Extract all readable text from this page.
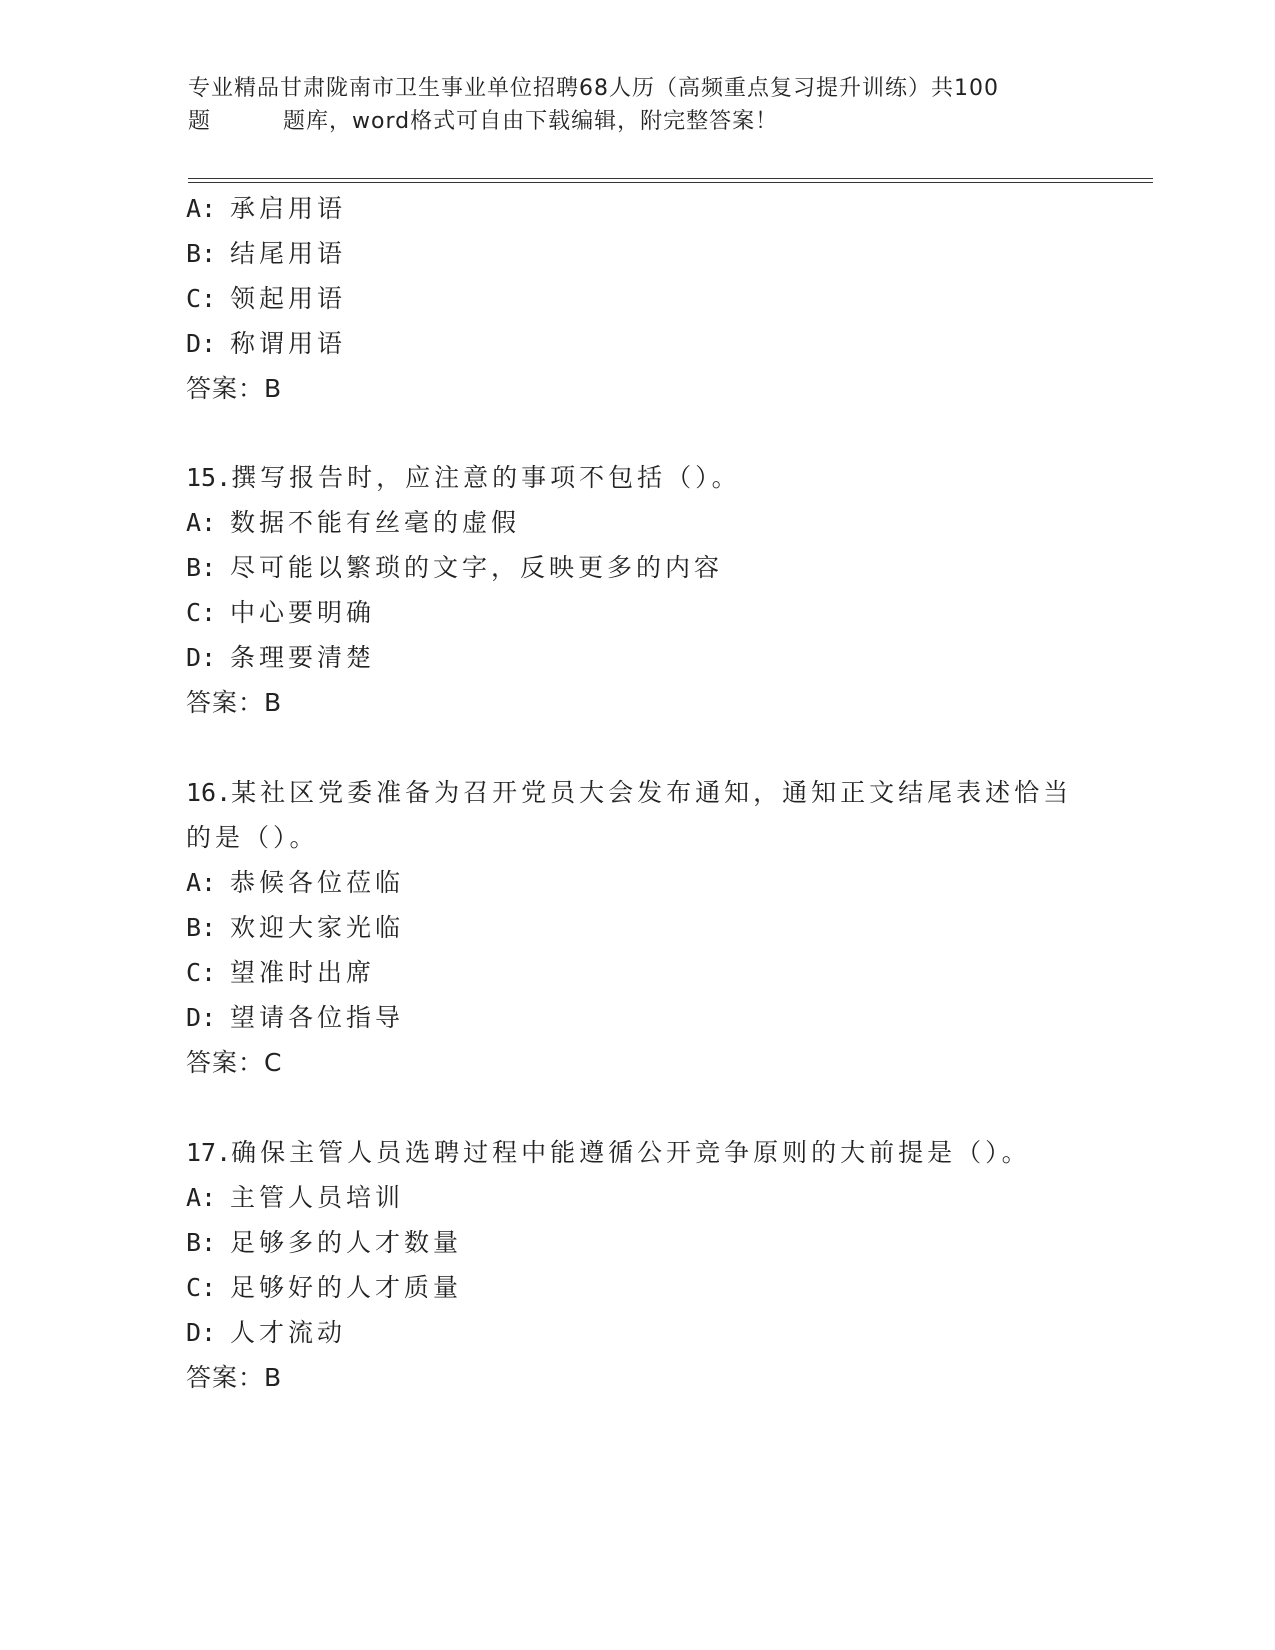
专业精品甘肃陇南市卫生事业单位招聘68人历（高频重点复习提升训练）共100
题	题库，word格式可自由下载编辑，附完整答案！
A: 承启用语
B: 结尾用语
C: 领起用语
D: 称谓用语
答案：B
15.撰写报告时，应注意的事项不包括（）。
A: 数据不能有丝毫的虚假
B: 尽可能以繁琐的文字，反映更多的内容
C: 中心要明确
D: 条理要清楚
答案：B
16.某社区党委准备为召开党员大会发布通知，通知正文结尾表述恰当
的是（）。
A: 恭候各位莅临
B: 欢迎大家光临
C: 望准时出席
D: 望请各位指导
答案：C
17.确保主管人员选聘过程中能遵循公开竞争原则的大前提是（）。
A: 主管人员培训
B: 足够多的人才数量
C: 足够好的人才质量
D: 人才流动
答案：B
